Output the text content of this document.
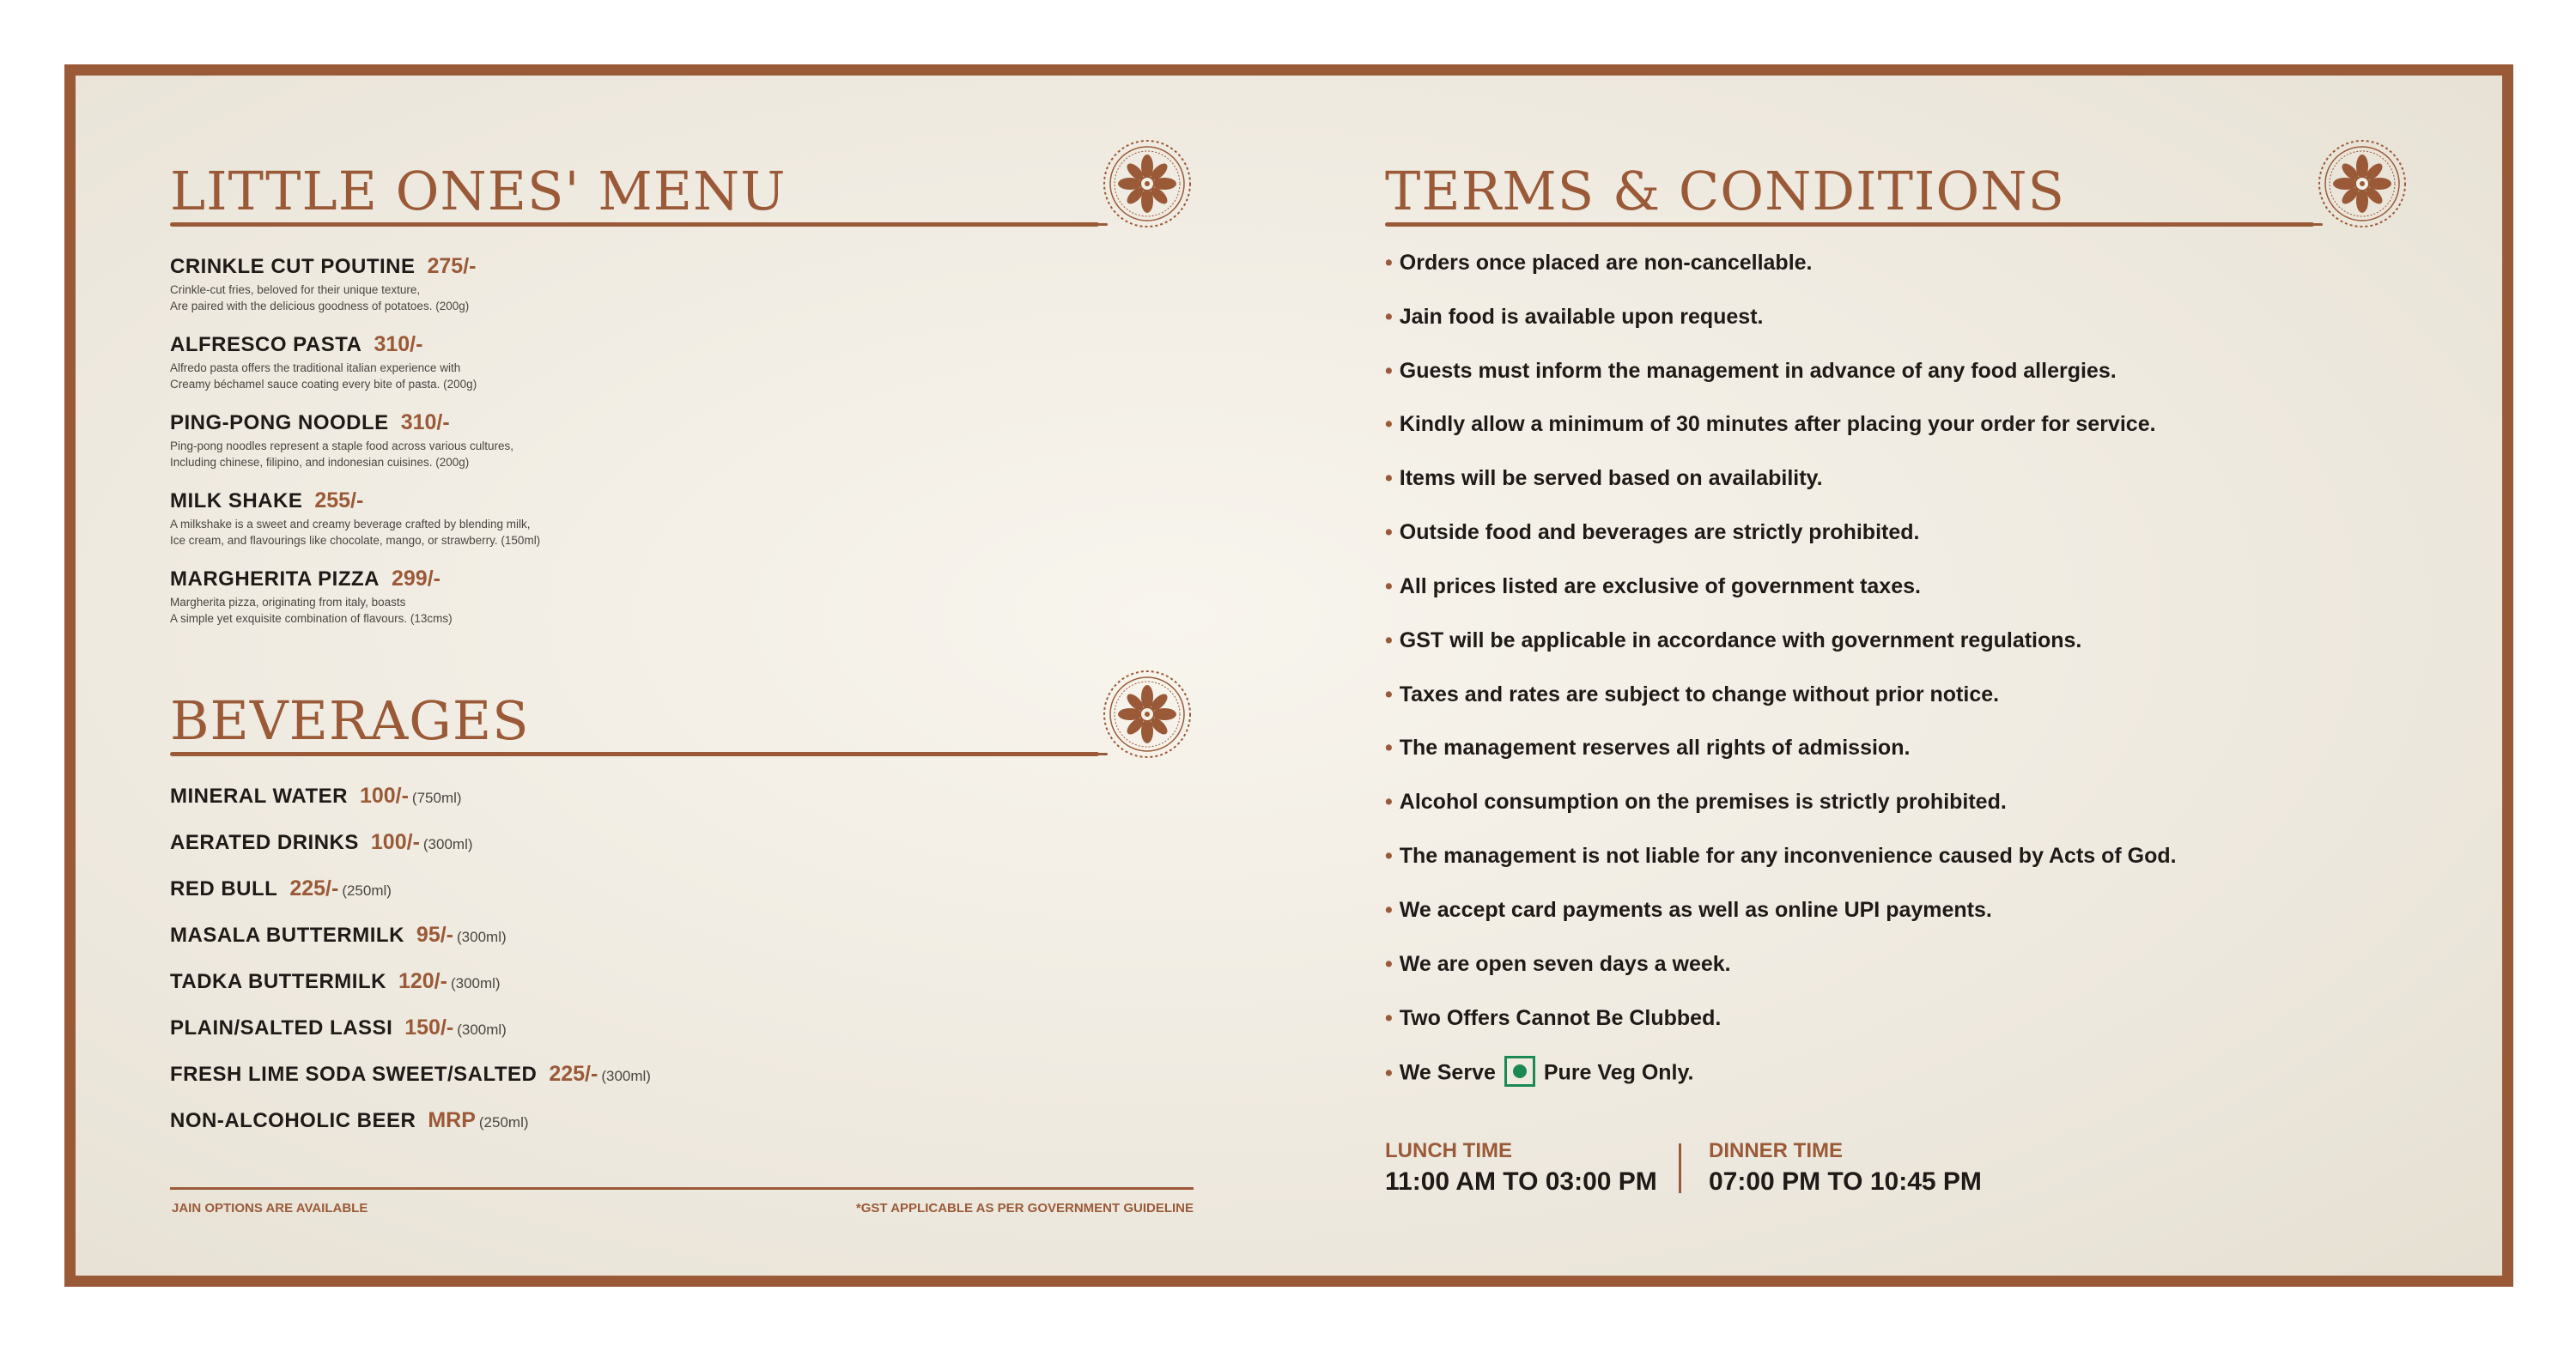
LITTLE ONES' MENU
CRINKLE CUT POUTINE 275/-
Crinkle-cut fries, beloved for their unique texture,
Are paired with the delicious goodness of potatoes. (200g)
ALFRESCO PASTA 310/-
Alfredo pasta offers the traditional italian experience with
Creamy béchamel sauce coating every bite of pasta. (200g)
PING-PONG NOODLE 310/-
Ping-pong noodles represent a staple food across various cultures,
Including chinese, filipino, and indonesian cuisines. (200g)
MILK SHAKE 255/-
A milkshake is a sweet and creamy beverage crafted by blending milk,
Ice cream, and flavourings like chocolate, mango, or strawberry. (150ml)
MARGHERITA PIZZA 299/-
Margherita pizza, originating from italy, boasts
A simple yet exquisite combination of flavours. (13cms)
BEVERAGES
MINERAL WATER 100/- (750ml)
AERATED DRINKS 100/- (300ml)
RED BULL 225/- (250ml)
MASALA BUTTERMILK 95/- (300ml)
TADKA BUTTERMILK 120/- (300ml)
PLAIN/SALTED LASSI 150/- (300ml)
FRESH LIME SODA SWEET/SALTED 225/- (300ml)
NON-ALCOHOLIC BEER MRP (250ml)
JAIN OPTIONS ARE AVAILABLE	*GST APPLICABLE AS PER GOVERNMENT GUIDELINE
TERMS & CONDITIONS
• Orders once placed are non-cancellable.
• Jain food is available upon request.
• Guests must inform the management in advance of any food allergies.
• Kindly allow a minimum of 30 minutes after placing your order for service.
• Items will be served based on availability.
• Outside food and beverages are strictly prohibited.
• All prices listed are exclusive of government taxes.
• GST will be applicable in accordance with government regulations.
• Taxes and rates are subject to change without prior notice.
• The management reserves all rights of admission.
• Alcohol consumption on the premises is strictly prohibited.
• The management is not liable for any inconvenience caused by Acts of God.
• We accept card payments as well as online UPI payments.
• We are open seven days a week.
• Two Offers Cannot Be Clubbed.
• We Serve Pure Veg Only.
LUNCH TIME
11:00 AM TO 03:00 PM
DINNER TIME
07:00 PM TO 10:45 PM
